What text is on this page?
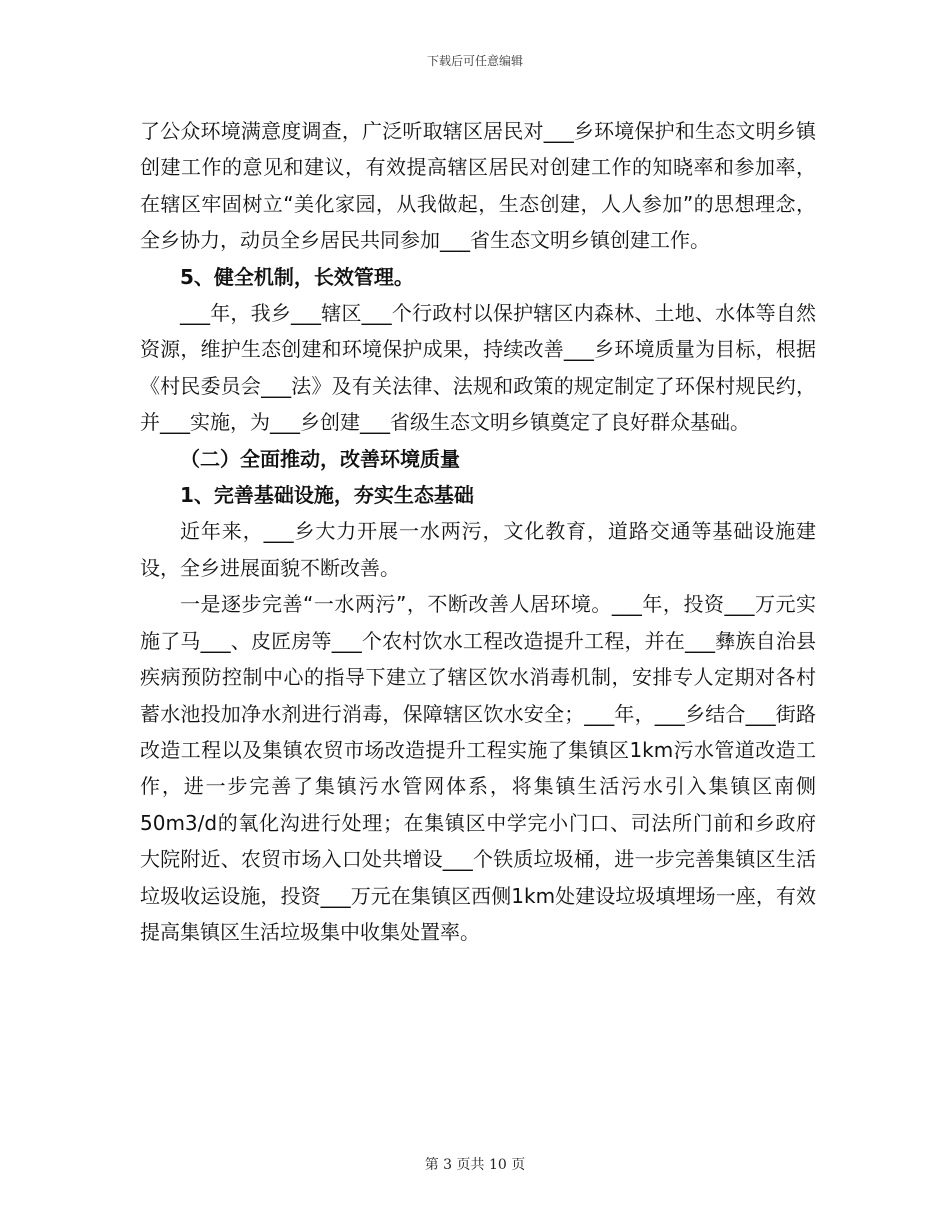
下载后可任意编辑

了公众环境满意度调查，广泛听取辖区居民对___乡环境保护和生态文明乡镇创建工作的意见和建议，有效提高辖区居民对创建工作的知晓率和参加率，在辖区牢固树立“美化家园，从我做起，生态创建，人人参加”的思想理念，全乡协力，动员全乡居民共同参加___省生态文明乡镇创建工作。

5、健全机制，长效管理。

___年，我乡___辖区___个行政村以保护辖区内森林、土地、水体等自然资源，维护生态创建和环境保护成果，持续改善___乡环境质量为目标，根据《村民委员会___法》及有关法律、法规和政策的规定制定了环保村规民约，并___实施，为___乡创建___省级生态文明乡镇奠定了良好群众基础。

（二）全面推动，改善环境质量

1、完善基础设施，夯实生态基础

近年来，___乡大力开展一水两污，文化教育，道路交通等基础设施建设，全乡进展面貌不断改善。

一是逐步完善“一水两污”，不断改善人居环境。___年，投资___万元实施了马___、皮匠房等___个农村饮水工程改造提升工程，并在___彝族自治县疾病预防控制中心的指导下建立了辖区饮水消毒机制，安排专人定期对各村蓄水池投加净水剂进行消毒，保障辖区饮水安全；___年，___乡结合___街路改造工程以及集镇农贸市场改造提升工程实施了集镇区1km污水管道改造工作，进一步完善了集镇污水管网体系，将集镇生活污水引入集镇区南侧50m3/d的氧化沟进行处理；在集镇区中学完小门口、司法所门前和乡政府大院附近、农贸市场入口处共增设___个铁质垃圾桶，进一步完善集镇区生活垃圾收运设施，投资___万元在集镇区西侧1km处建设垃圾填埋场一座，有效提高集镇区生活垃圾集中收集处置率。

第 3 页共 10 页
